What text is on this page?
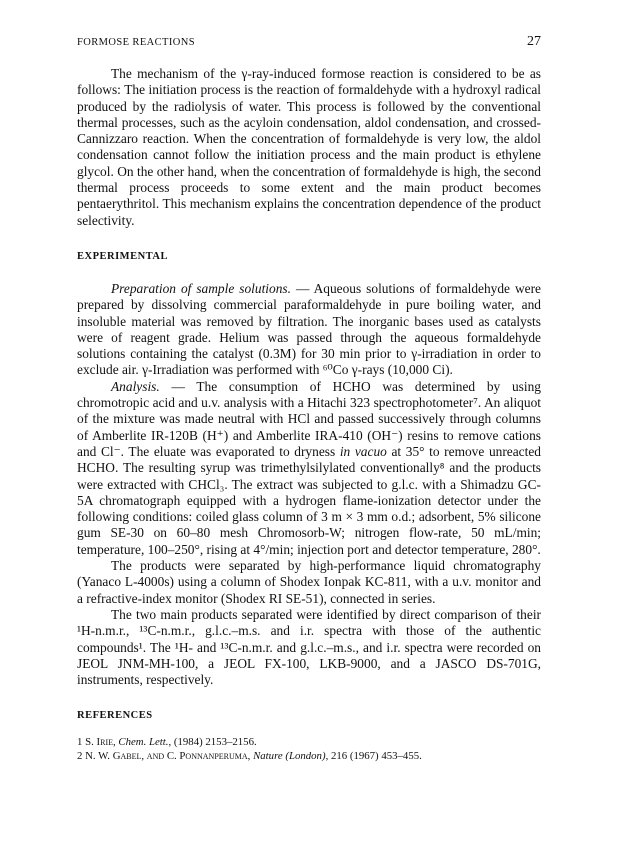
FORMOSE REACTIONS	27

The mechanism of the γ-ray-induced formose reaction is considered to be as follows: The initiation process is the reaction of formaldehyde with a hydroxyl radical produced by the radiolysis of water. This process is followed by the conventional thermal processes, such as the acyloin condensation, aldol condensation, and crossed-Cannizzaro reaction. When the concentration of formaldehyde is very low, the aldol condensation cannot follow the initiation process and the main product is ethylene glycol. On the other hand, when the concentration of formaldehyde is high, the second thermal process proceeds to some extent and the main product becomes pentaerythritol. This mechanism explains the concentration dependence of the product selectivity.

EXPERIMENTAL

Preparation of sample solutions. — Aqueous solutions of formaldehyde were prepared by dissolving commercial paraformaldehyde in pure boiling water, and insoluble material was removed by filtration. The inorganic bases used as catalysts were of reagent grade. Helium was passed through the aqueous formaldehyde solutions containing the catalyst (0.3M) for 30 min prior to γ-irradiation in order to exclude air. γ-Irradiation was performed with ⁶⁰Co γ-rays (10,000 Ci).

Analysis. — The consumption of HCHO was determined by using chromotropic acid and u.v. analysis with a Hitachi 323 spectrophotometer⁷. An aliquot of the mixture was made neutral with HCl and passed successively through columns of Amberlite IR-120B (H⁺) and Amberlite IRA-410 (OH⁻) resins to remove cations and Cl⁻. The eluate was evaporated to dryness in vacuo at 35° to remove unreacted HCHO. The resulting syrup was trimethylsilylated conventionally⁸ and the products were extracted with CHCl₃. The extract was subjected to g.l.c. with a Shimadzu GC-5A chromatograph equipped with a hydrogen flame-ionization detector under the following conditions: coiled glass column of 3 m × 3 mm o.d.; adsorbent, 5% silicone gum SE-30 on 60–80 mesh Chromosorb-W; nitrogen flow-rate, 50 mL/min; temperature, 100–250°, rising at 4°/min; injection port and detector temperature, 280°.

The products were separated by high-performance liquid chromatography (Yanaco L-4000s) using a column of Shodex Ionpak KC-811, with a u.v. monitor and a refractive-index monitor (Shodex RI SE-51), connected in series.

The two main products separated were identified by direct comparison of their ¹H-n.m.r., ¹³C-n.m.r., g.l.c.–m.s. and i.r. spectra with those of the authentic compounds¹. The ¹H- and ¹³C-n.m.r. and g.l.c.–m.s., and i.r. spectra were recorded on JEOL JNM-MH-100, a JEOL FX-100, LKB-9000, and a JASCO DS-701G, instruments, respectively.

REFERENCES
1 S. Irie, Chem. Lett., (1984) 2153–2156.
2 N. W. Gabel, and C. Ponnanperuma, Nature (London), 216 (1967) 453–455.
